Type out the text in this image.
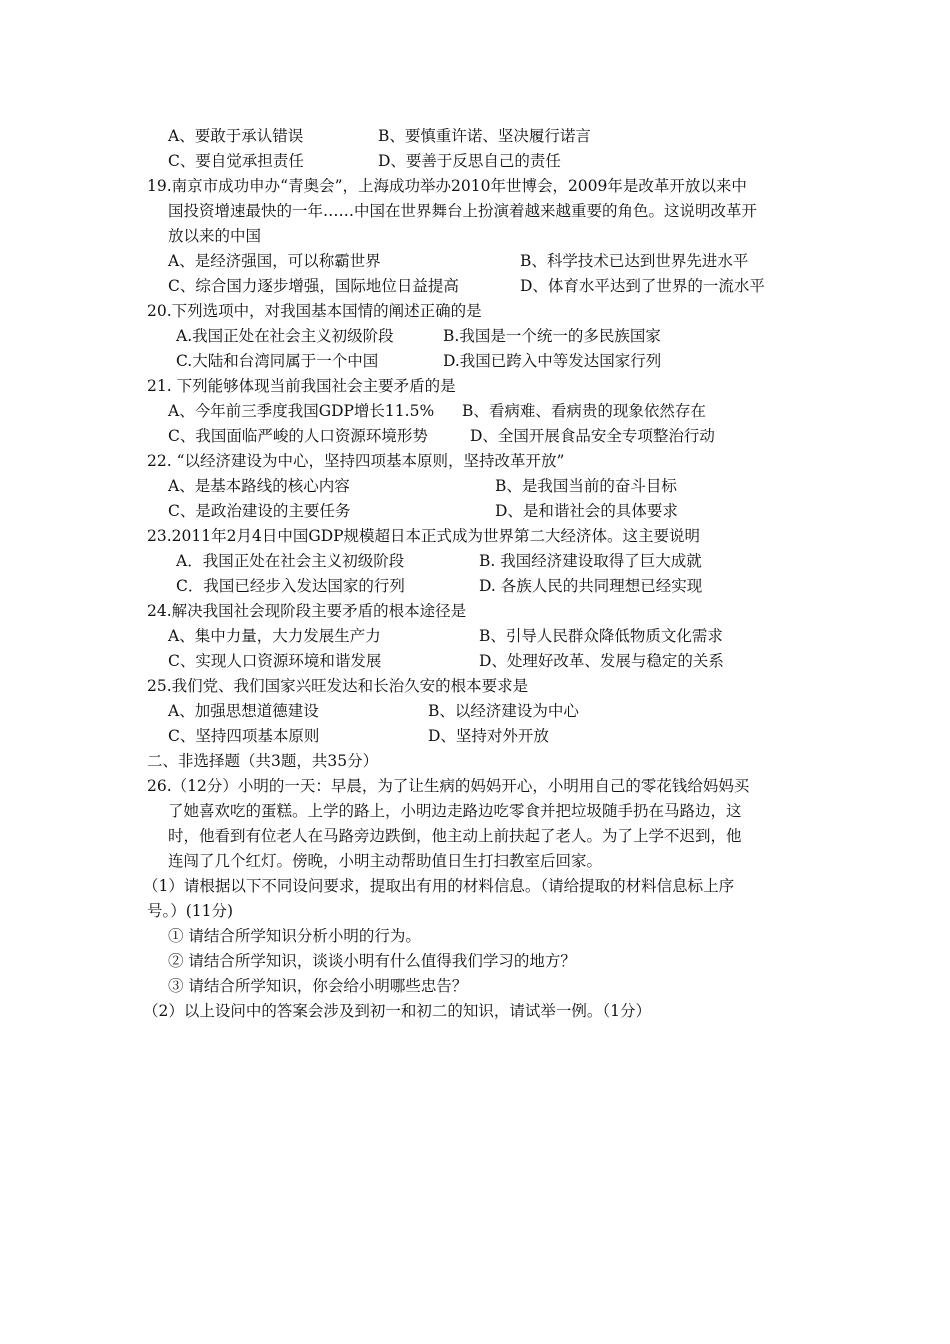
A、要敢于承认错误	B、要慎重许诺、坚决履行诺言
C、要自觉承担责任	D、要善于反思自己的责任
19.南京市成功申办“青奥会”，上海成功举办2010年世博会，2009年是改革开放以来中
国投资增速最快的一年……中国在世界舞台上扮演着越来越重要的角色。这说明改革开
放以来的中国
A、是经济强国，可以称霸世界	B、科学技术已达到世界先进水平
C、综合国力逐步增强，国际地位日益提高	D、体育水平达到了世界的一流水平
20.下列选项中，对我国基本国情的阐述正确的是
A.我国正处在社会主义初级阶段	B.我国是一个统一的多民族国家
C.大陆和台湾同属于一个中国	D.我国已跨入中等发达国家行列
21. 下列能够体现当前我国社会主要矛盾的是
A、今年前三季度我国GDP增长11.5% B、看病难、看病贵的现象依然存在
C、我国面临严峻的人口资源环境形势	D、全国开展食品安全专项整治行动
22. “以经济建设为中心，坚持四项基本原则，坚持改革开放”
A、是基本路线的核心内容	B、是我国当前的奋斗目标
C、是政治建设的主要任务	D、是和谐社会的具体要求
23.2011年2月4日中国GDP规模超日本正式成为世界第二大经济体。这主要说明
A．我国正处在社会主义初级阶段	B. 我国经济建设取得了巨大成就
C．我国已经步入发达国家的行列	D. 各族人民的共同理想已经实现
24.解决我国社会现阶段主要矛盾的根本途径是
A、集中力量，大力发展生产力	B、引导人民群众降低物质文化需求
C、实现人口资源环境和谐发展	D、处理好改革、发展与稳定的关系
25.我们党、我们国家兴旺发达和长治久安的根本要求是
A、加强思想道德建设	B、以经济建设为中心
C、坚持四项基本原则	D、坚持对外开放
二、非选择题（共3题，共35分）
26.（12分）小明的一天：早晨，为了让生病的妈妈开心，小明用自己的零花钱给妈妈买
了她喜欢吃的蛋糕。上学的路上，小明边走路边吃零食并把垃圾随手扔在马路边，这
时，他看到有位老人在马路旁边跌倒，他主动上前扶起了老人。为了上学不迟到，他
连闯了几个红灯。傍晚，小明主动帮助值日生打扫教室后回家。
（1）请根据以下不同设问要求，提取出有用的材料信息。（请给提取的材料信息标上序
号。）(11分)
① 请结合所学知识分析小明的行为。
② 请结合所学知识，谈谈小明有什么值得我们学习的地方？
③ 请结合所学知识，你会给小明哪些忠告？
（2）以上设问中的答案会涉及到初一和初二的知识，请试举一例。（1分）
